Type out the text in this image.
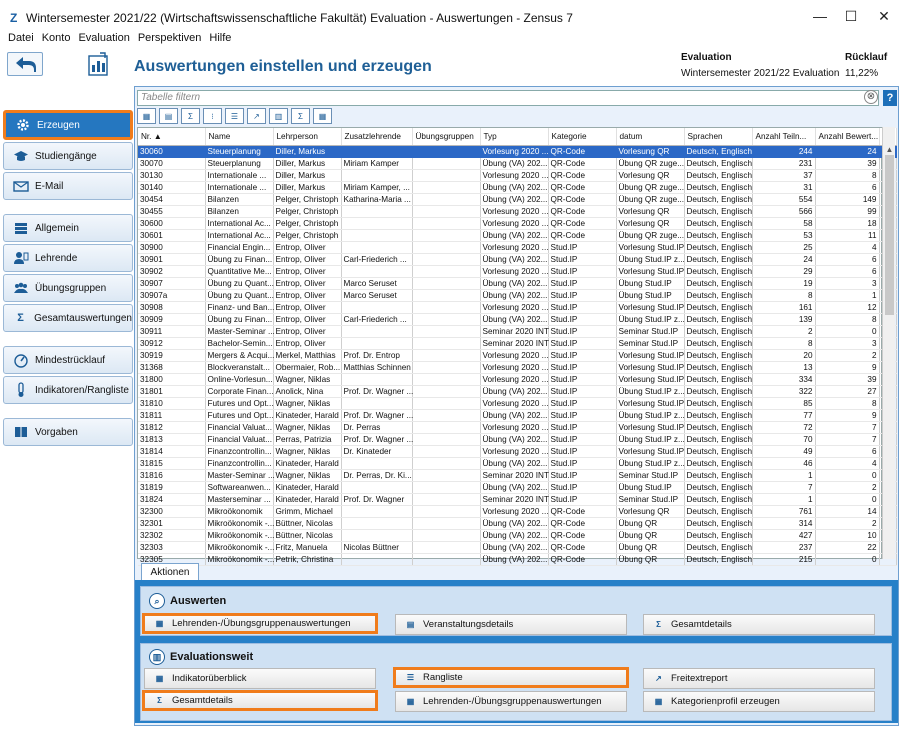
Z Wintersemester 2021/22 (Wirtschaftswissenschaftliche Fakultät) Evaluation - Auswertungen - Zensus 7	—	☐	✕
Datei Konto Evaluation Perspektiven Hilfe
Auswertungen einstellen und erzeugen
Evaluation
Wintersemester 2021/22 Evaluation
Rücklauf
11,22%
Erzeugen
Studiengänge
E-Mail
Allgemein
Lehrende
Übungsgruppen
Σ	Gesamtauswertungen
Mindestrücklauf
Indikatoren/Rangliste
Vorgaben
Tabelle filtern	⊗	?
▦	▤	Σ	⁝	☰	↗	▥	Σ	▦
Nr. ▲	Name	Lehrperson	Zusatzlehrende	Übungsgruppen	Typ	Kategorie	datum	Sprachen	Anzahl Teiln...	Anzahl Bewert...	
30060	Steuerplanung	Diller, Markus			Vorlesung 2020 ...	QR-Code	Vorlesung QR	Deutsch, Englisch	244	24	
30070	Steuerplanung	Diller, Markus	Miriam Kamper		Übung (VA) 202...	QR-Code	Übung QR zuge...	Deutsch, Englisch	231	39	
30130	Internationale ...	Diller, Markus			Vorlesung 2020 ...	QR-Code	Vorlesung QR	Deutsch, Englisch	37	8	
30140	Internationale ...	Diller, Markus	Miriam Kamper, ...		Übung (VA) 202...	QR-Code	Übung QR zuge...	Deutsch, Englisch	31	6	
30454	Bilanzen	Pelger, Christoph	Katharina-Maria ...		Übung (VA) 202...	QR-Code	Übung QR zuge...	Deutsch, Englisch	554	149	
30455	Bilanzen	Pelger, Christoph			Vorlesung 2020 ...	QR-Code	Vorlesung QR	Deutsch, Englisch	566	99	
30600	International Ac...	Pelger, Christoph			Vorlesung 2020 ...	QR-Code	Vorlesung QR	Deutsch, Englisch	58	18	
30601	International Ac...	Pelger, Christoph			Übung (VA) 202...	QR-Code	Übung QR zuge...	Deutsch, Englisch	53	11	
30900	Financial Engin...	Entrop, Oliver			Vorlesung 2020 ...	Stud.IP	Vorlesung Stud.IP	Deutsch, Englisch	25	4	
30901	Übung zu Finan...	Entrop, Oliver	Carl-Friederich ...		Übung (VA) 202...	Stud.IP	Übung Stud.IP z...	Deutsch, Englisch	24	6	
30902	Quantitative Me...	Entrop, Oliver			Vorlesung 2020 ...	Stud.IP	Vorlesung Stud.IP	Deutsch, Englisch	29	6	
30907	Übung zu Quant...	Entrop, Oliver	Marco Seruset		Übung (VA) 202...	Stud.IP	Übung Stud.IP	Deutsch, Englisch	19	3	
30907a	Übung zu Quant...	Entrop, Oliver	Marco Seruset		Übung (VA) 202...	Stud.IP	Übung Stud.IP	Deutsch, Englisch	8	1	
30908	Finanz- und Ban...	Entrop, Oliver			Vorlesung 2020 ...	Stud.IP	Vorlesung Stud.IP	Deutsch, Englisch	161	12	
30909	Übung zu Finan...	Entrop, Oliver	Carl-Friederich ...		Übung (VA) 202...	Stud.IP	Übung Stud.IP z...	Deutsch, Englisch	139	8	
30911	Master-Seminar ...	Entrop, Oliver			Seminar 2020 INT	Stud.IP	Seminar Stud.IP	Deutsch, Englisch	2	0	
30912	Bachelor-Semin...	Entrop, Oliver			Seminar 2020 INT	Stud.IP	Seminar Stud.IP	Deutsch, Englisch	8	3	
30919	Mergers & Acqui...	Merkel, Matthias	Prof. Dr. Entrop		Vorlesung 2020 ...	Stud.IP	Vorlesung Stud.IP	Deutsch, Englisch	20	2	
31368	Blockveranstalt...	Obermaier, Rob...	Matthias Schinnen		Vorlesung 2020 ...	Stud.IP	Vorlesung Stud.IP	Deutsch, Englisch	13	9	
31800	Online-Vorlesun...	Wagner, Niklas			Vorlesung 2020 ...	Stud.IP	Vorlesung Stud.IP	Deutsch, Englisch	334	39	
31801	Corporate Finan...	Anolick, Nina	Prof. Dr. Wagner ...		Übung (VA) 202...	Stud.IP	Übung Stud.IP z...	Deutsch, Englisch	322	27	
31810	Futures und Opt...	Wagner, Niklas			Vorlesung 2020 ...	Stud.IP	Vorlesung Stud.IP	Deutsch, Englisch	85	8	
31811	Futures und Opt...	Kinateder, Harald	Prof. Dr. Wagner ...		Übung (VA) 202...	Stud.IP	Übung Stud.IP z...	Deutsch, Englisch	77	9	
31812	Financial Valuat...	Wagner, Niklas	Dr. Perras		Vorlesung 2020 ...	Stud.IP	Vorlesung Stud.IP	Deutsch, Englisch	72	7	
31813	Financial Valuat...	Perras, Patrizia	Prof. Dr. Wagner ...		Übung (VA) 202...	Stud.IP	Übung Stud.IP z...	Deutsch, Englisch	70	7	
31814	Finanzcontrollin...	Wagner, Niklas	Dr. Kinateder		Vorlesung 2020 ...	Stud.IP	Vorlesung Stud.IP	Deutsch, Englisch	49	6	
31815	Finanzcontrollin...	Kinateder, Harald			Übung (VA) 202...	Stud.IP	Übung Stud.IP z...	Deutsch, Englisch	46	4	
31816	Master-Seminar ...	Wagner, Niklas	Dr. Perras, Dr. Ki...		Seminar 2020 INT	Stud.IP	Seminar Stud.IP	Deutsch, Englisch	1	0	
31819	Softwareanwen...	Kinateder, Harald			Übung (VA) 202...	Stud.IP	Übung Stud.IP	Deutsch, Englisch	7	2	
31824	Masterseminar ...	Kinateder, Harald	Prof. Dr. Wagner		Seminar 2020 INT	Stud.IP	Seminar Stud.IP	Deutsch, Englisch	1	0	
32300	Mikroökonomik	Grimm, Michael			Vorlesung 2020 ...	QR-Code	Vorlesung QR	Deutsch, Englisch	761	14	
32301	Mikroökonomik -...	Büttner, Nicolas			Übung (VA) 202...	QR-Code	Übung QR	Deutsch, Englisch	314	2	
32302	Mikroökonomik -...	Büttner, Nicolas			Übung (VA) 202...	QR-Code	Übung QR	Deutsch, Englisch	427	10	
32303	Mikroökonomik -...	Fritz, Manuela	Nicolas Büttner		Übung (VA) 202...	QR-Code	Übung QR	Deutsch, Englisch	237	22	
32305	Mikroökonomik -...	Petrik, Christina			Übung (VA) 202...	QR-Code	Übung QR	Deutsch, Englisch	215	0	
▲
Aktionen
⌕ Auswerten
▦ Lehrenden-/Übungsgruppenauswertungen	▤ Veranstaltungsdetails	Σ	Gesamtdetails
▥ Evaluationsweit
▦ Indikatorüberblick	☰ Rangliste	↗ Freitextreport
Σ	Gesamtdetails	▦ Lehrenden-/Übungsgruppenauswertungen	▦ Kategorienprofil erzeugen
